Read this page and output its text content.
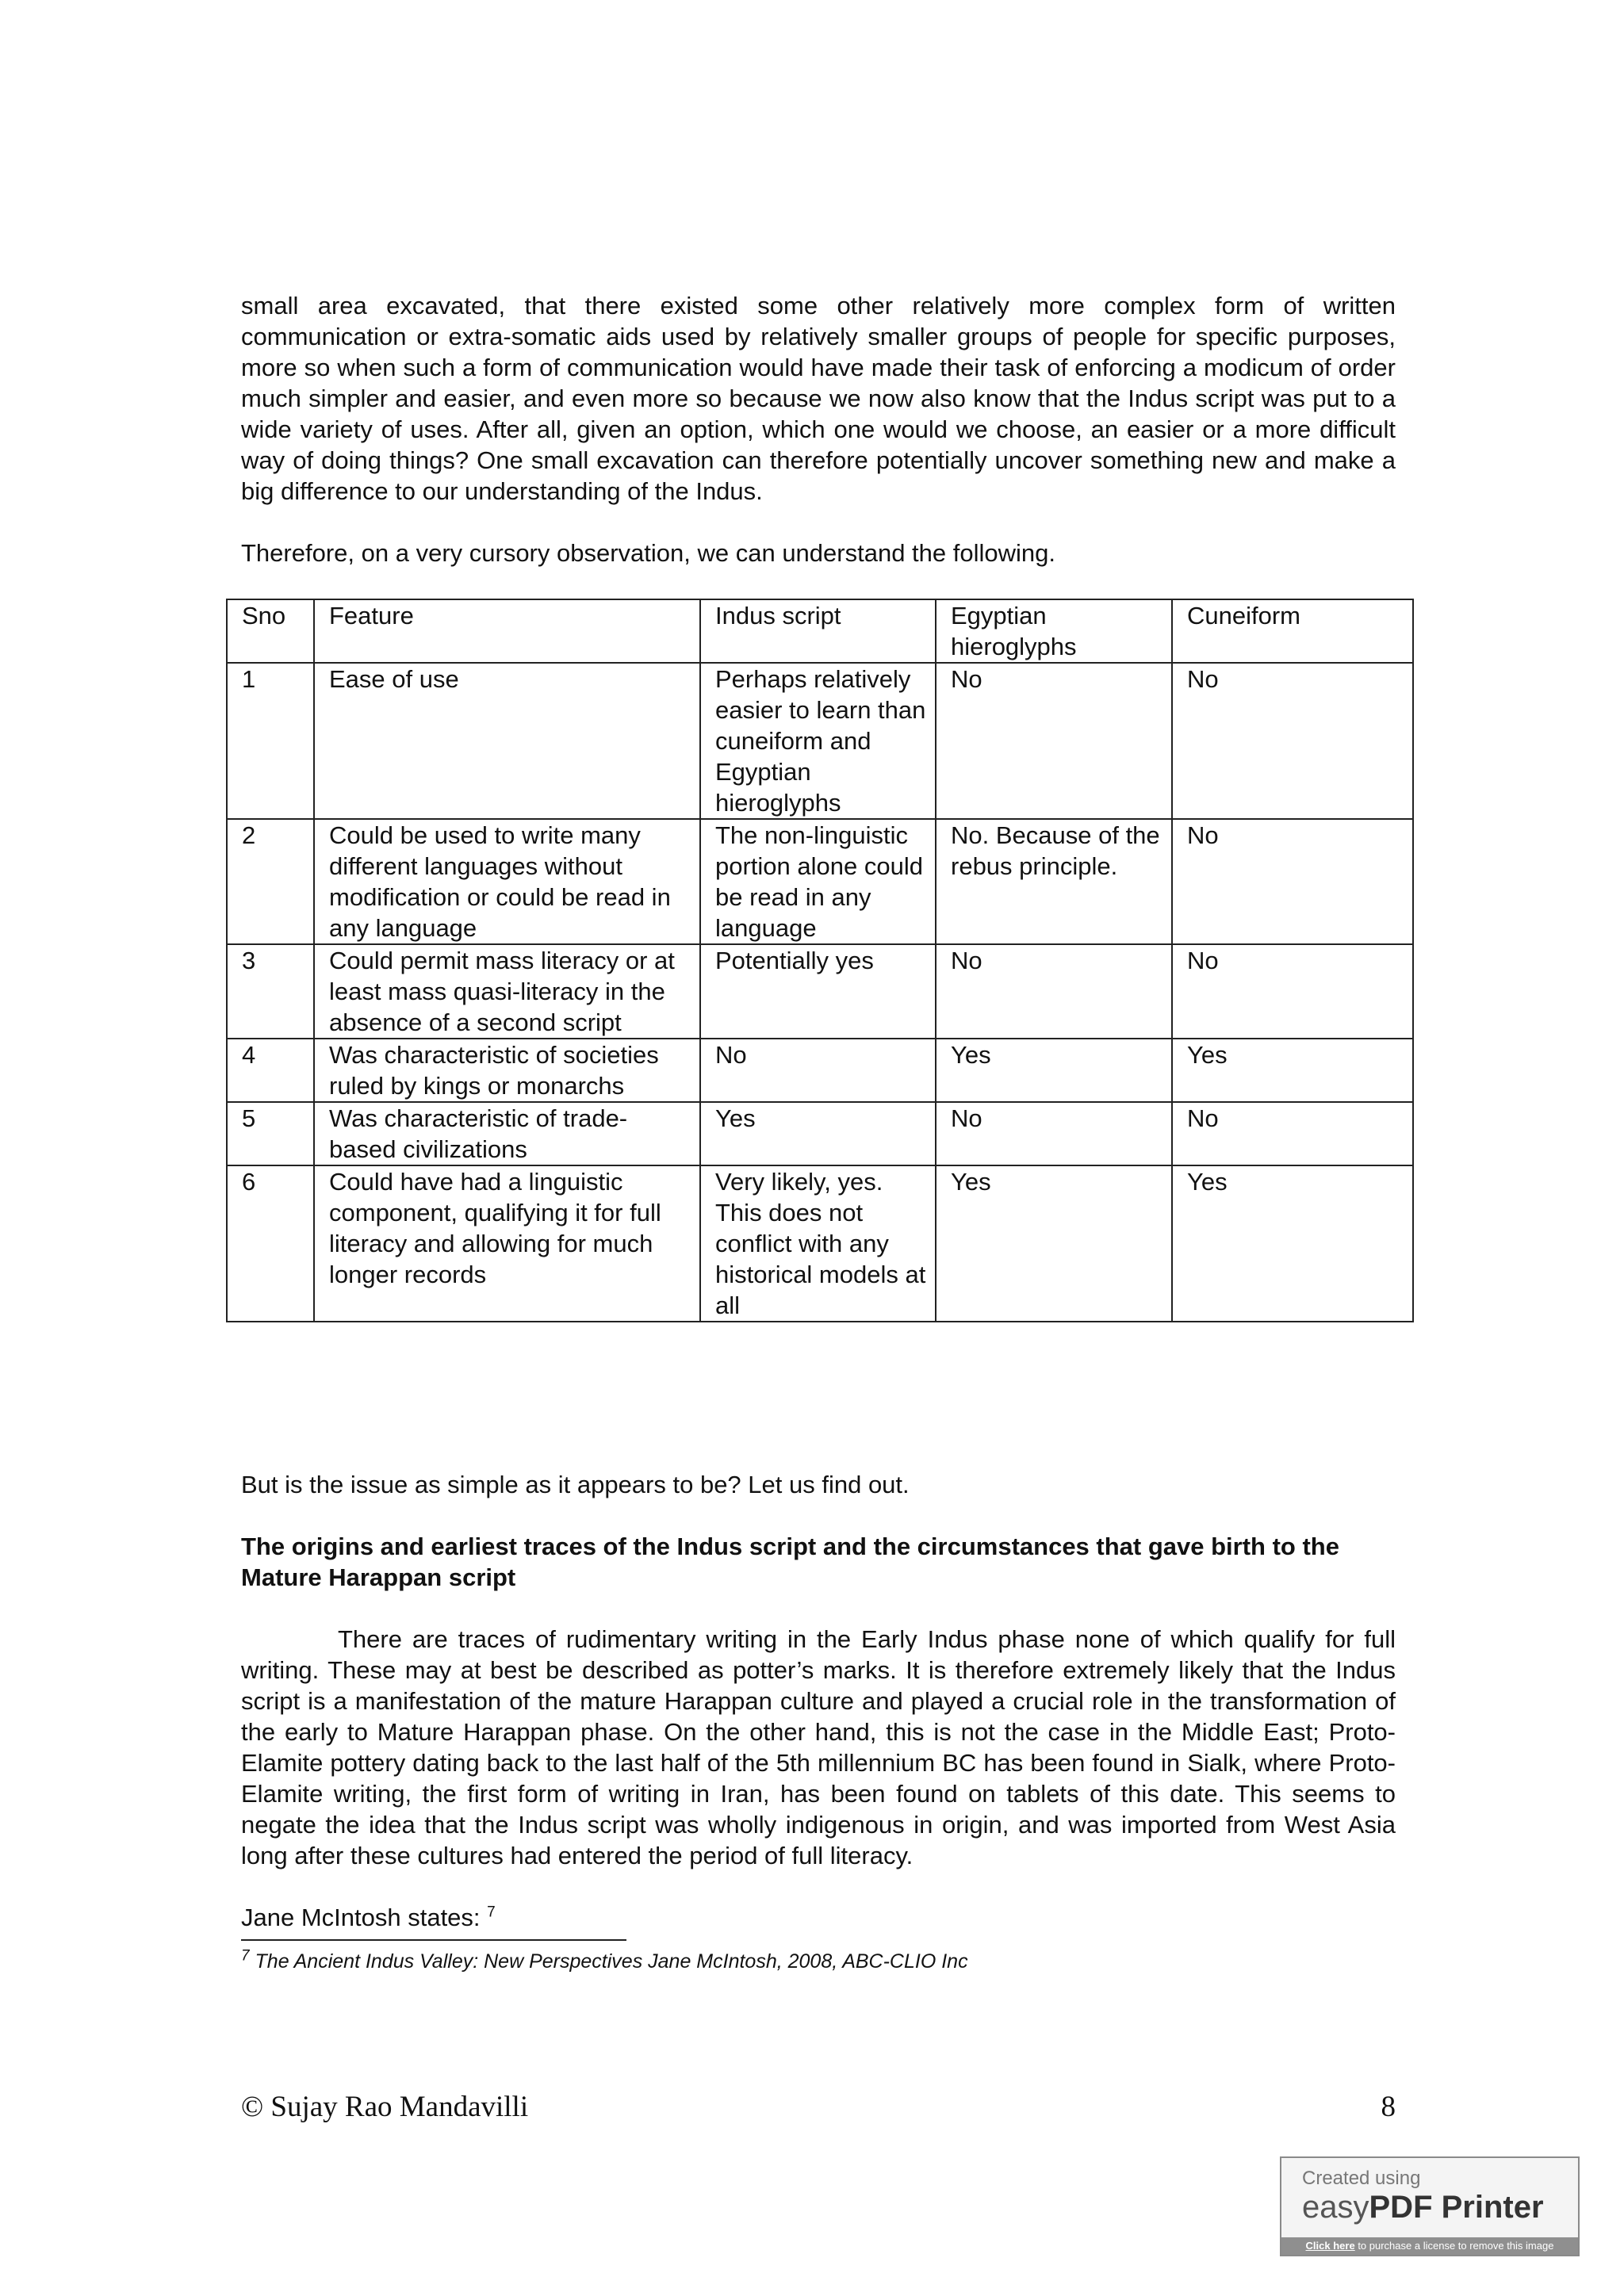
small area excavated, that there existed some other relatively more complex form of written communication or extra-somatic aids used by relatively smaller groups of people for specific purposes, more so when such a form of communication would have made their task of enforcing a modicum of order much simpler and easier, and even more so because we now also know that the Indus script was put to a wide variety of uses. After all, given an option, which one would we choose, an easier or a more difficult way of doing things? One small excavation can therefore potentially uncover something new and make a big difference to our understanding of the Indus.

Therefore, on a very cursory observation, we can understand the following.

Sno	Feature	Indus script	Egyptian hieroglyphs	Cuneiform
1	Ease of use	Perhaps relatively easier to learn than cuneiform and Egyptian hieroglyphs	No	No
2	Could be used to write many different languages without modification or could be read in any language	The non-linguistic portion alone could be read in any language	No. Because of the rebus principle.	No
3	Could permit mass literacy or at least mass quasi-literacy in the absence of a second script	Potentially yes	No	No
4	Was characteristic of societies ruled by kings or monarchs	No	Yes	Yes
5	Was characteristic of trade-based civilizations	Yes	No	No
6	Could have had a linguistic component, qualifying it for full literacy and allowing for much longer records	Very likely, yes. This does not conflict with any historical models at all	Yes	Yes

But is the issue as simple as it appears to be? Let us find out.

The origins and earliest traces of the Indus script and the circumstances that gave birth to the Mature Harappan script

There are traces of rudimentary writing in the Early Indus phase none of which qualify for full writing. These may at best be described as potter’s marks. It is therefore extremely likely that the Indus script is a manifestation of the mature Harappan culture and played a crucial role in the transformation of the early to Mature Harappan phase. On the other hand, this is not the case in the Middle East; Proto-Elamite pottery dating back to the last half of the 5th millennium BC has been found in Sialk, where Proto-Elamite writing, the first form of writing in Iran, has been found on tablets of this date. This seems to negate the idea that the Indus script was wholly indigenous in origin, and was imported from West Asia long after these cultures had entered the period of full literacy.

Jane McIntosh states: $^7$

$^7$ The Ancient Indus Valley: New Perspectives Jane McIntosh, 2008, ABC-CLIO Inc

© Sujay Rao Mandavilli	8
Created using
easyPDF Printer
Click here to purchase a license to remove this image
